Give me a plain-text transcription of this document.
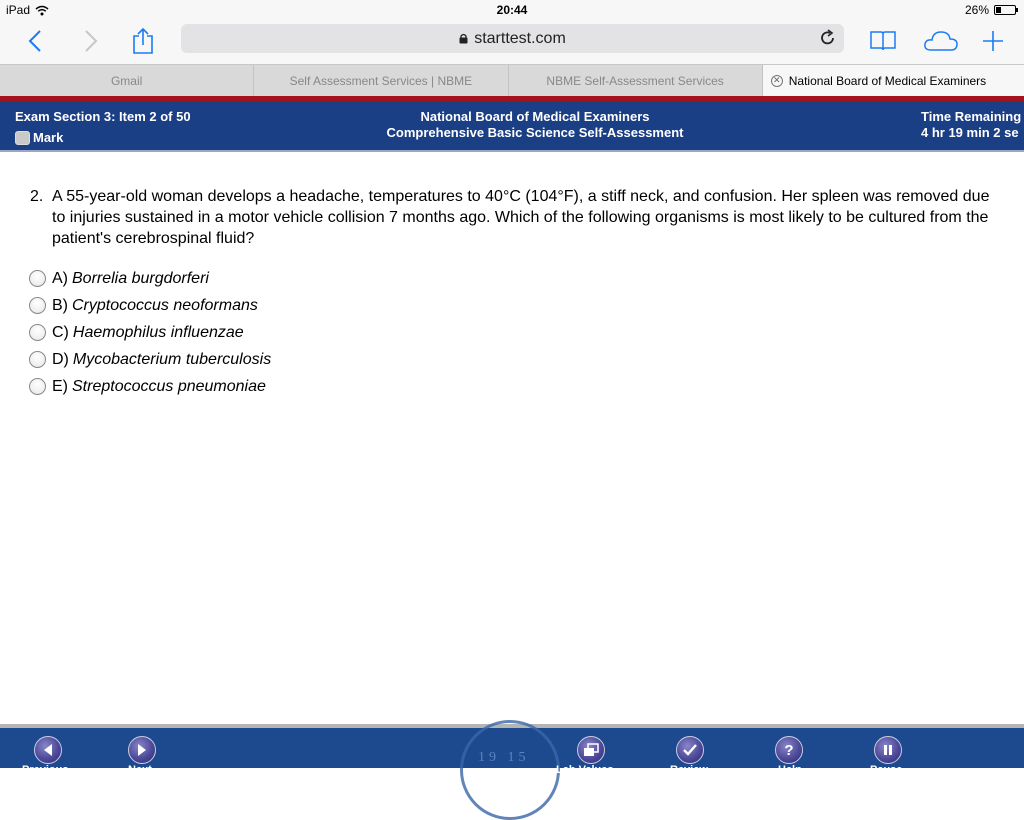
iPad	20:44	26%
starttest.com
Gmail	Self Assessment Services | NBME	NBME Self-Assessment Services	✕ National Board of Medical Examiners
Exam Section 3: Item 2 of 50
Mark
National Board of Medical Examiners
Comprehensive Basic Science Self-Assessment
Time Remaining
4 hr 19 min 2 se
2. A 55-year-old woman develops a headache, temperatures to 40°C (104°F), a stiff neck, and confusion. Her spleen was removed due to injuries sustained in a motor vehicle collision 7 months ago. Which of the following organisms is most likely to be cultured from the patient's cerebrospinal fluid?
A) Borrelia burgdorferi
B) Cryptococcus neoformans
C) Haemophilus influenzae
D) Mycobacterium tuberculosis
E) Streptococcus pneumoniae
19 15
Previous	Next	Lab Values	Review
?
Help	Pause
